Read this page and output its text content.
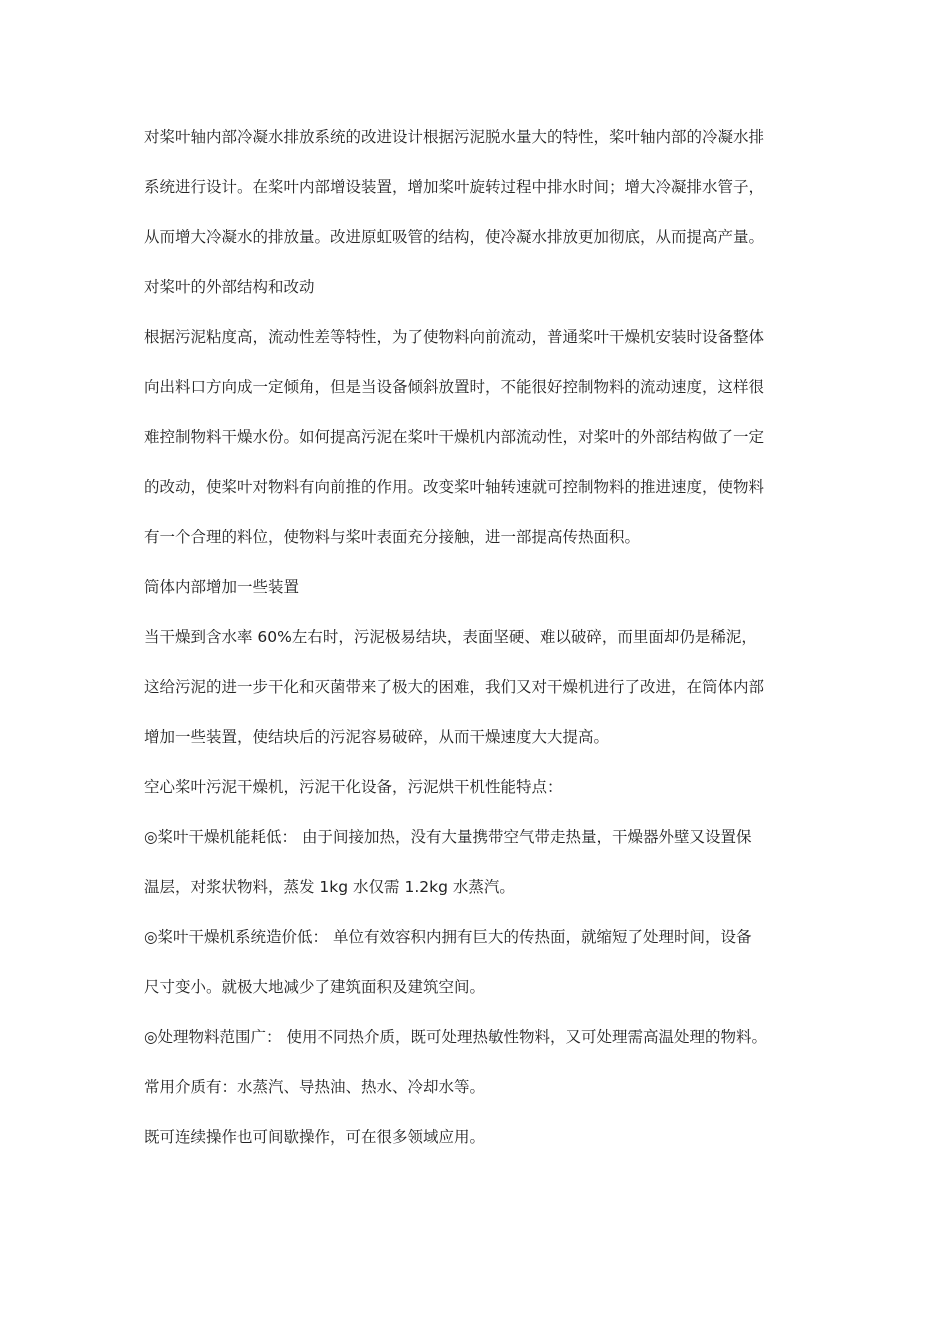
对桨叶轴内部冷凝水排放系统的改进设计根据污泥脱水量大的特性，桨叶轴内部的冷凝水排
系统进行设计。在桨叶内部增设装置，增加桨叶旋转过程中排水时间；增大冷凝排水管子，
从而增大冷凝水的排放量。改进原虹吸管的结构，使冷凝水排放更加彻底，从而提高产量。
对桨叶的外部结构和改动
根据污泥粘度高，流动性差等特性，为了使物料向前流动，普通桨叶干燥机安装时设备整体
向出料口方向成一定倾角，但是当设备倾斜放置时，不能很好控制物料的流动速度，这样很
难控制物料干燥水份。如何提高污泥在桨叶干燥机内部流动性，对桨叶的外部结构做了一定
的改动，使桨叶对物料有向前推的作用。改变桨叶轴转速就可控制物料的推进速度，使物料
有一个合理的料位，使物料与桨叶表面充分接触，进一部提高传热面积。
筒体内部增加一些装置
当干燥到含水率 60%左右时，污泥极易结块，表面坚硬、难以破碎，而里面却仍是稀泥，
这给污泥的进一步干化和灭菌带来了极大的困难，我们又对干燥机进行了改进，在筒体内部
增加一些装置，使结块后的污泥容易破碎，从而干燥速度大大提高。
空心桨叶污泥干燥机，污泥干化设备，污泥烘干机性能特点：
◎桨叶干燥机能耗低： 由于间接加热，没有大量携带空气带走热量，干燥器外壁又设置保
温层，对浆状物料，蒸发 1kg 水仅需 1.2kg 水蒸汽。
◎桨叶干燥机系统造价低： 单位有效容积内拥有巨大的传热面，就缩短了处理时间，设备
尺寸变小。就极大地减少了建筑面积及建筑空间。
◎处理物料范围广： 使用不同热介质，既可处理热敏性物料，又可处理需高温处理的物料。
常用介质有：水蒸汽、导热油、热水、冷却水等。
既可连续操作也可间歇操作，可在很多领域应用。
